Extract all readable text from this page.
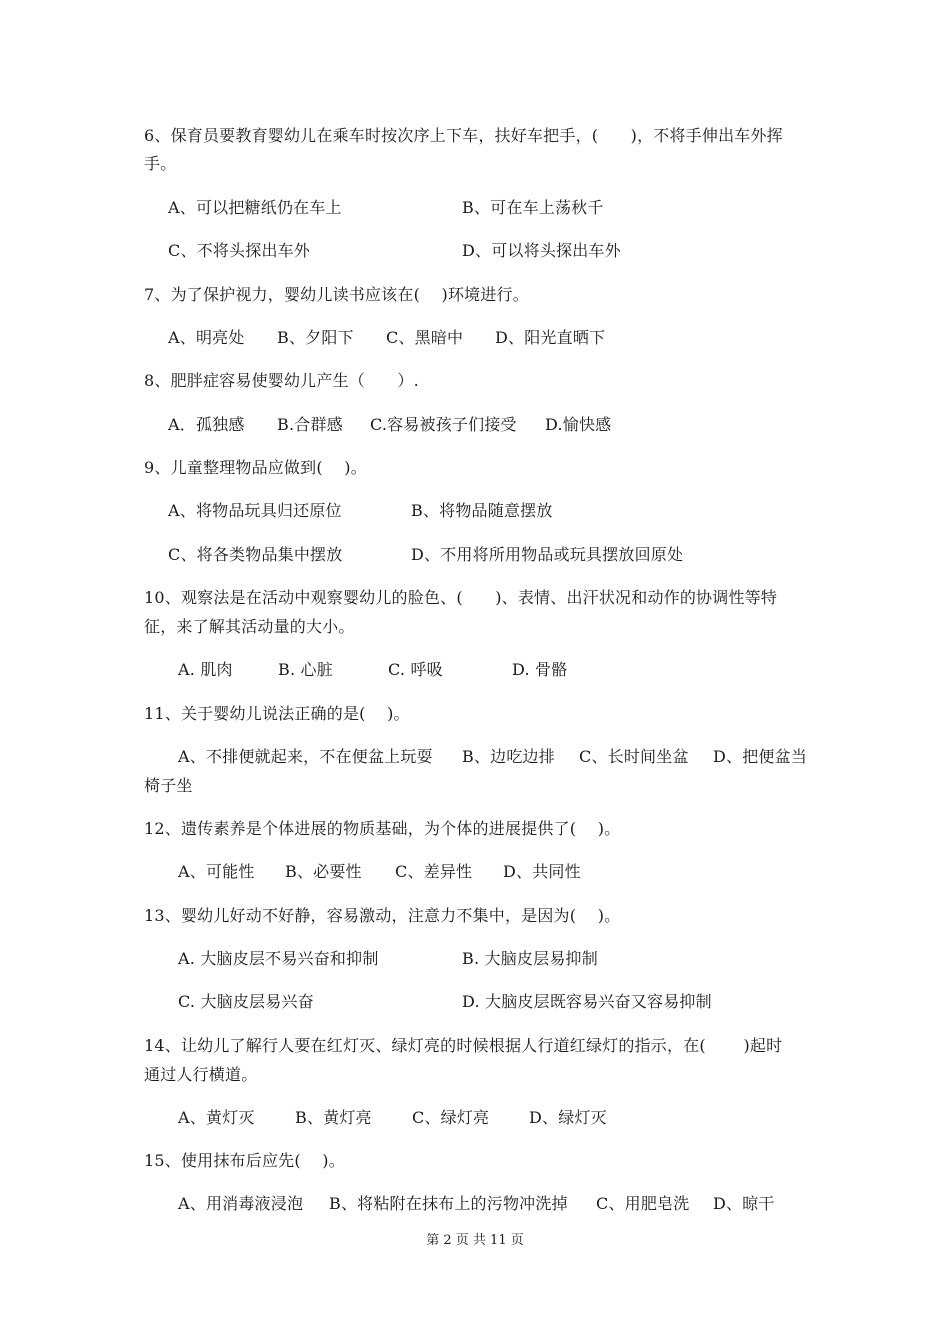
6、保育员要教育婴幼儿在乘车时按次序上下车，扶好车把手，(　　)，不将手伸出车外挥
手。
A、可以把糖纸仍在车上	B、可在车上荡秋千
C、不将头探出车外	D、可以将头探出车外
7、为了保护视力，婴幼儿读书应该在(　 )环境进行。
A、明亮处 B、夕阳下 C、黑暗中 D、阳光直晒下
8、肥胖症容易使婴幼儿产生（　　）.
A．孤独感 B.合群感 C.容易被孩子们接受 D.愉快感
9、儿童整理物品应做到(　 )。
A、将物品玩具归还原位	B、将物品随意摆放
C、将各类物品集中摆放	D、不用将所用物品或玩具摆放回原处
10、观察法是在活动中观察婴幼儿的脸色、(　　)、表情、出汗状况和动作的协调性等特
征，来了解其活动量的大小。
A. 肌肉	B. 心脏	C. 呼吸	D. 骨骼
11、关于婴幼儿说法正确的是(　 )。
A、不排便就起来，不在便盆上玩耍 B、边吃边排 C、长时间坐盆 D、把便盆当
椅子坐
12、遗传素养是个体进展的物质基础，为个体的进展提供了(　 )。
A、可能性 B、必要性 C、差异性 D、共同性
13、婴幼儿好动不好静，容易激动，注意力不集中，是因为(　 )。
A. 大脑皮层不易兴奋和抑制	B. 大脑皮层易抑制
C. 大脑皮层易兴奋	D. 大脑皮层既容易兴奋又容易抑制
14、让幼儿了解行人要在红灯灭、绿灯亮的时候根据人行道红绿灯的指示，在(　 　)起时
通过人行横道。
A、黄灯灭	B、黄灯亮	C、绿灯亮 D、绿灯灭
15、使用抹布后应先(　 )。
A、用消毒液浸泡 B、将粘附在抹布上的污物冲洗掉 C、用肥皂洗 D、晾干
第 2 页 共 11 页
